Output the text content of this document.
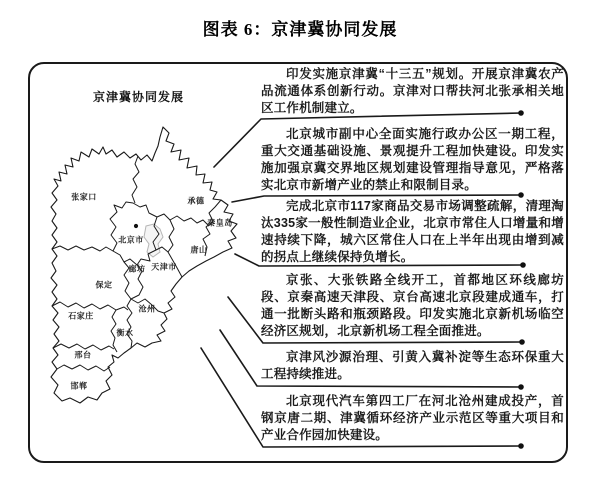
图表 6：京津冀协同发展
京津冀协同发展
张家口	承德
秦皇岛
北京市
唐山
天津市
廊坊
保定
沧州
石家庄
衡水
邢台
邯郸
印发实施京津冀“十三五”规划。开展京津冀农产品流通体系创新行动。京津对口帮扶河北张承相关地区工作机制建立。
北京城市副中心全面实施行政办公区一期工程，重大交通基础设施、景观提升工程加快建设。印发实施加强京冀交界地区规划建设管理指导意见，严格落实北京市新增产业的禁止和限制目录。
完成北京市117家商品交易市场调整疏解，清理淘汰335家一般性制造业企业，北京市常住人口增量和增速持续下降，城六区常住人口在上半年出现由增到减的拐点上继续保持负增长。
京张、大张铁路全线开工，首都地区环线廊坊段、京秦高速天津段、京台高速北京段建成通车，打通一批断头路和瓶颈路段。印发实施北京新机场临空经济区规划，北京新机场工程全面推进。
京津风沙源治理、引黄入冀补淀等生态环保重大工程持续推进。
北京现代汽车第四工厂在河北沧州建成投产，首钢京唐二期、津冀循环经济产业示范区等重大项目和产业合作园加快建设。
